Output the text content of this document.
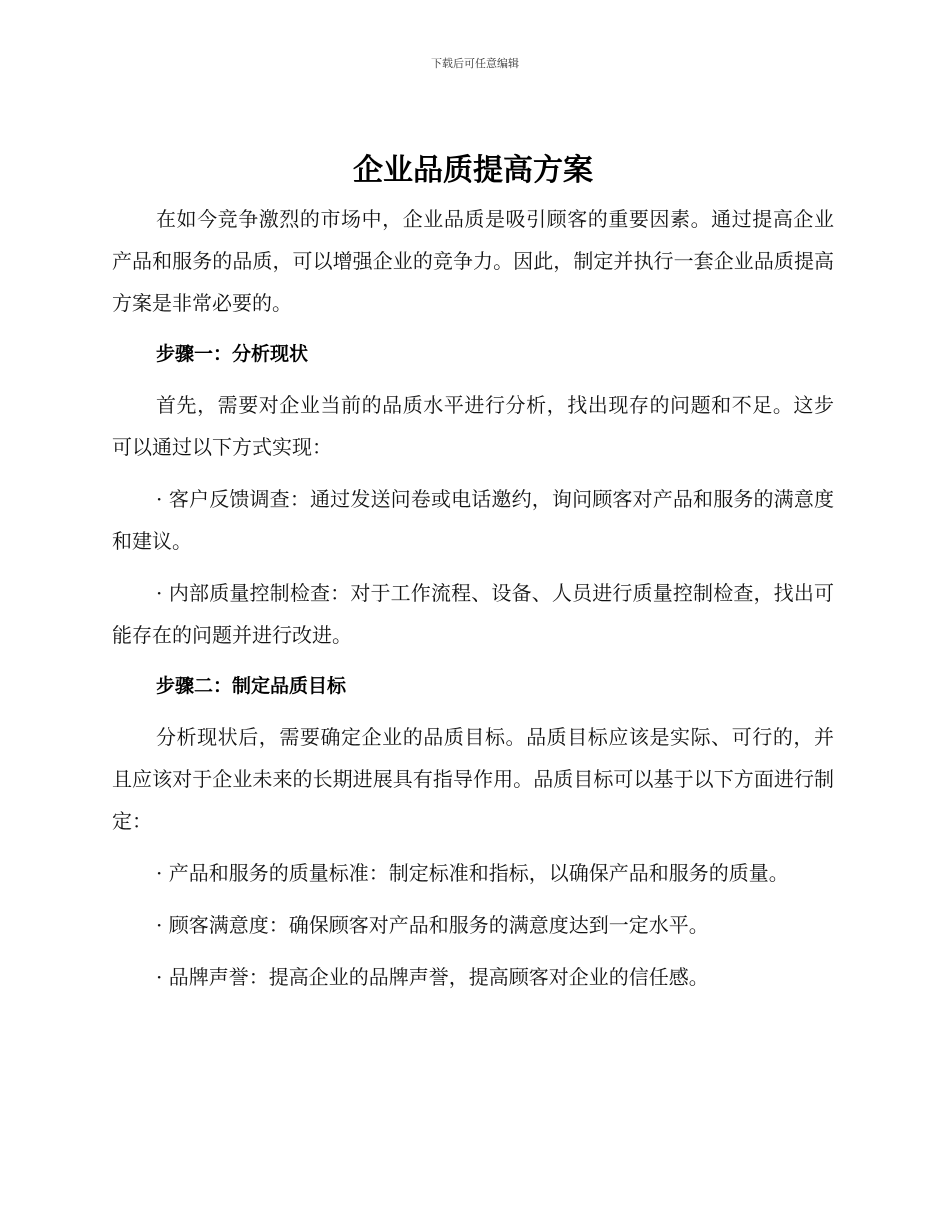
下载后可任意编辑
企业品质提高方案

在如今竞争激烈的市场中，企业品质是吸引顾客的重要因素。通过提高企业产品和服务的品质，可以增强企业的竞争力。因此，制定并执行一套企业品质提高方案是非常必要的。

步骤一：分析现状

首先，需要对企业当前的品质水平进行分析，找出现存的问题和不足。这步可以通过以下方式实现：

· 客户反馈调查：通过发送问卷或电话邀约，询问顾客对产品和服务的满意度和建议。

· 内部质量控制检查：对于工作流程、设备、人员进行质量控制检查，找出可能存在的问题并进行改进。

步骤二：制定品质目标

分析现状后，需要确定企业的品质目标。品质目标应该是实际、可行的，并且应该对于企业未来的长期进展具有指导作用。品质目标可以基于以下方面进行制定：

· 产品和服务的质量标准：制定标准和指标，以确保产品和服务的质量。

· 顾客满意度：确保顾客对产品和服务的满意度达到一定水平。

· 品牌声誉：提高企业的品牌声誉，提高顾客对企业的信任感。
